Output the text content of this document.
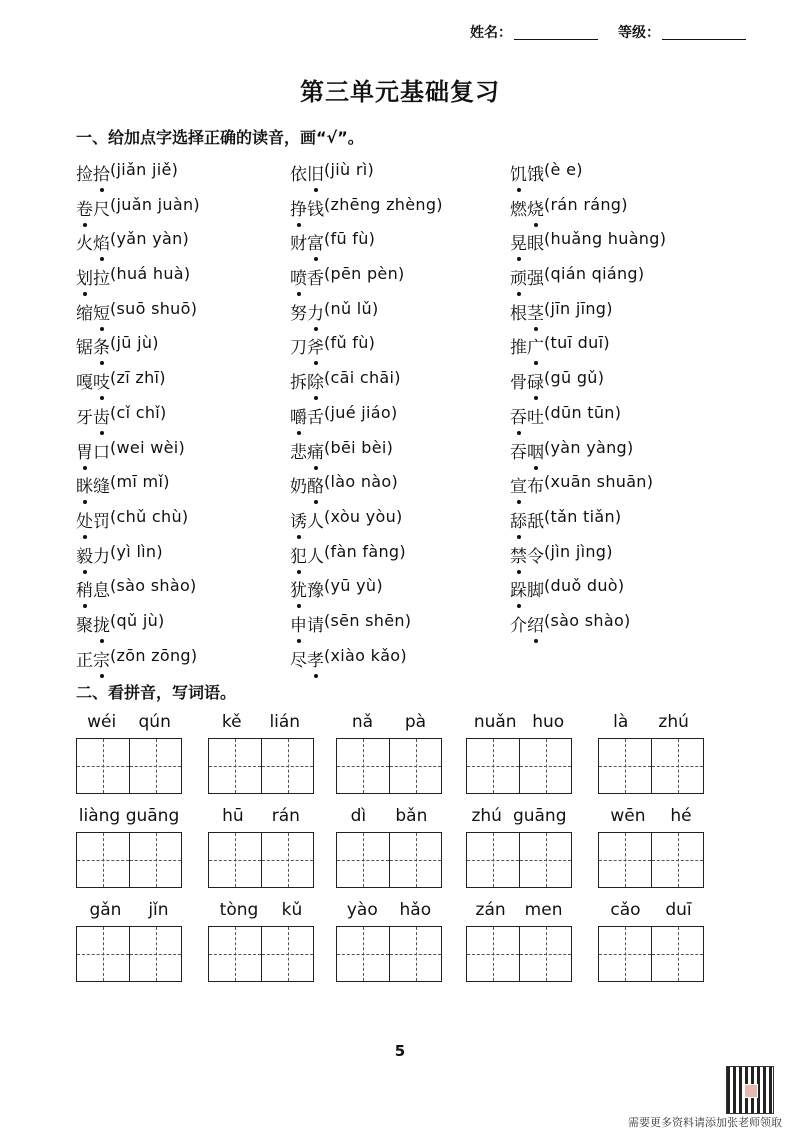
姓名：	等级：
第三单元基础复习
一、给加点字选择正确的读音，画“√”。
捡拾 (jiǎn jiě)
卷尺 (juǎn juàn)
火焰 (yǎn yàn)
划拉 (huá huà)
缩短 (suō shuō)
锯条 (jū jù)
嘎吱 (zī zhī)
牙齿 (cǐ chǐ)
胃口 (wei wèi)
眯缝 (mī mǐ)
处罚 (chǔ chù)
毅力 (yì lìn)
稍息 (sào shào)
聚拢 (qǔ jù)
正宗 (zōn zōng)
依旧 (jiù rì)
挣钱 (zhēng zhèng)
财富 (fū fù)
喷香 (pēn pèn)
努力 (nǔ lǔ)
刀斧 (fǔ fù)
拆除 (cāi chāi)
嚼舌 (jué jiáo)
悲痛 (bēi bèi)
奶酪 (lào nào)
诱人 (xòu yòu)
犯人 (fàn fàng)
犹豫 (yū yù)
申请 (sēn shēn)
尽孝 (xiào kǎo)
饥饿 (è e)
燃烧 (rán ráng)
晃眼 (huǎng huàng)
顽强 (qián qiáng)
根茎 (jīn jīng)
推广 (tuī duī)
骨碌 (gū gǔ)
吞吐 (dūn tūn)
吞咽 (yàn yàng)
宣布 (xuān shuān)
舔舐 (tǎn tiǎn)
禁令 (jìn jìng)
跺脚 (duǒ duò)
介绍 (sào shào)
二、看拼音，写词语。
wéi qún	kě lián	nǎ pà	nuǎn huo	là zhú
liàng guāng	hū rán	dì bǎn	zhú guāng	wēn hé
gǎn jǐn	tòng kǔ	yào hǎo	zán men	cǎo duī
5
需要更多资料请添加张老师领取
